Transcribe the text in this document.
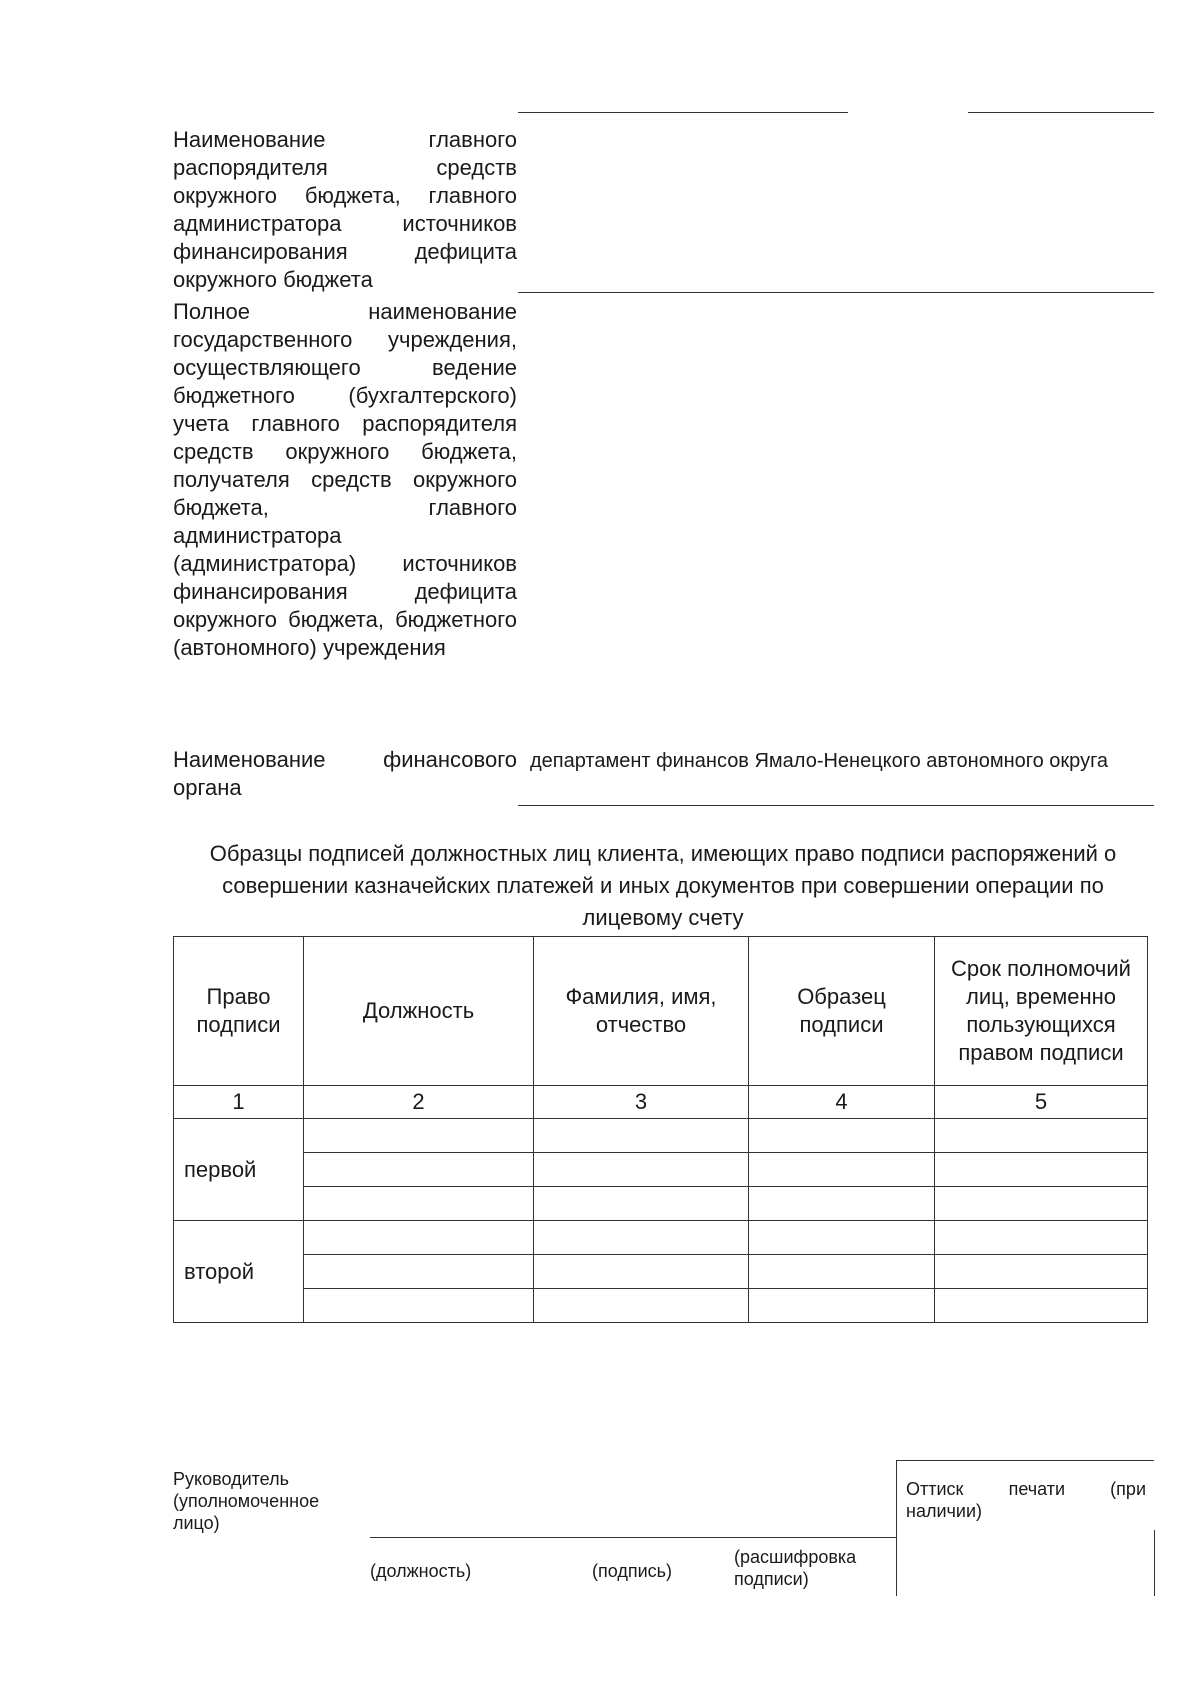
Наименование главного распорядителя средств окружного бюджета, главного администратора источников финансирования дефицита окружного бюджета
Полное наименование государственного учреждения, осуществляющего ведение бюджетного (бухгалтерского) учета главного распорядителя средств окружного бюджета, получателя средств окружного бюджета, главного администратора (администратора) источников финансирования дефицита окружного бюджета, бюджетного (автономного) учреждения
Наименование финансового органа
департамент финансов Ямало-Ненецкого автономного округа
Образцы подписей должностных лиц клиента, имеющих право подписи распоряжений о совершении казначейских платежей и иных документов при совершении операции по лицевому счету
Право подписи	Должность	Фамилия, имя, отчество	Образец подписи	Срок полномочий лиц, временно пользующихся правом подписи
1	2	3	4	5
первой				

второй				

Руководитель (уполномоченное лицо)
(должность)	(подпись)
(расшифровка подписи)
Оттиск печати (при наличии)
